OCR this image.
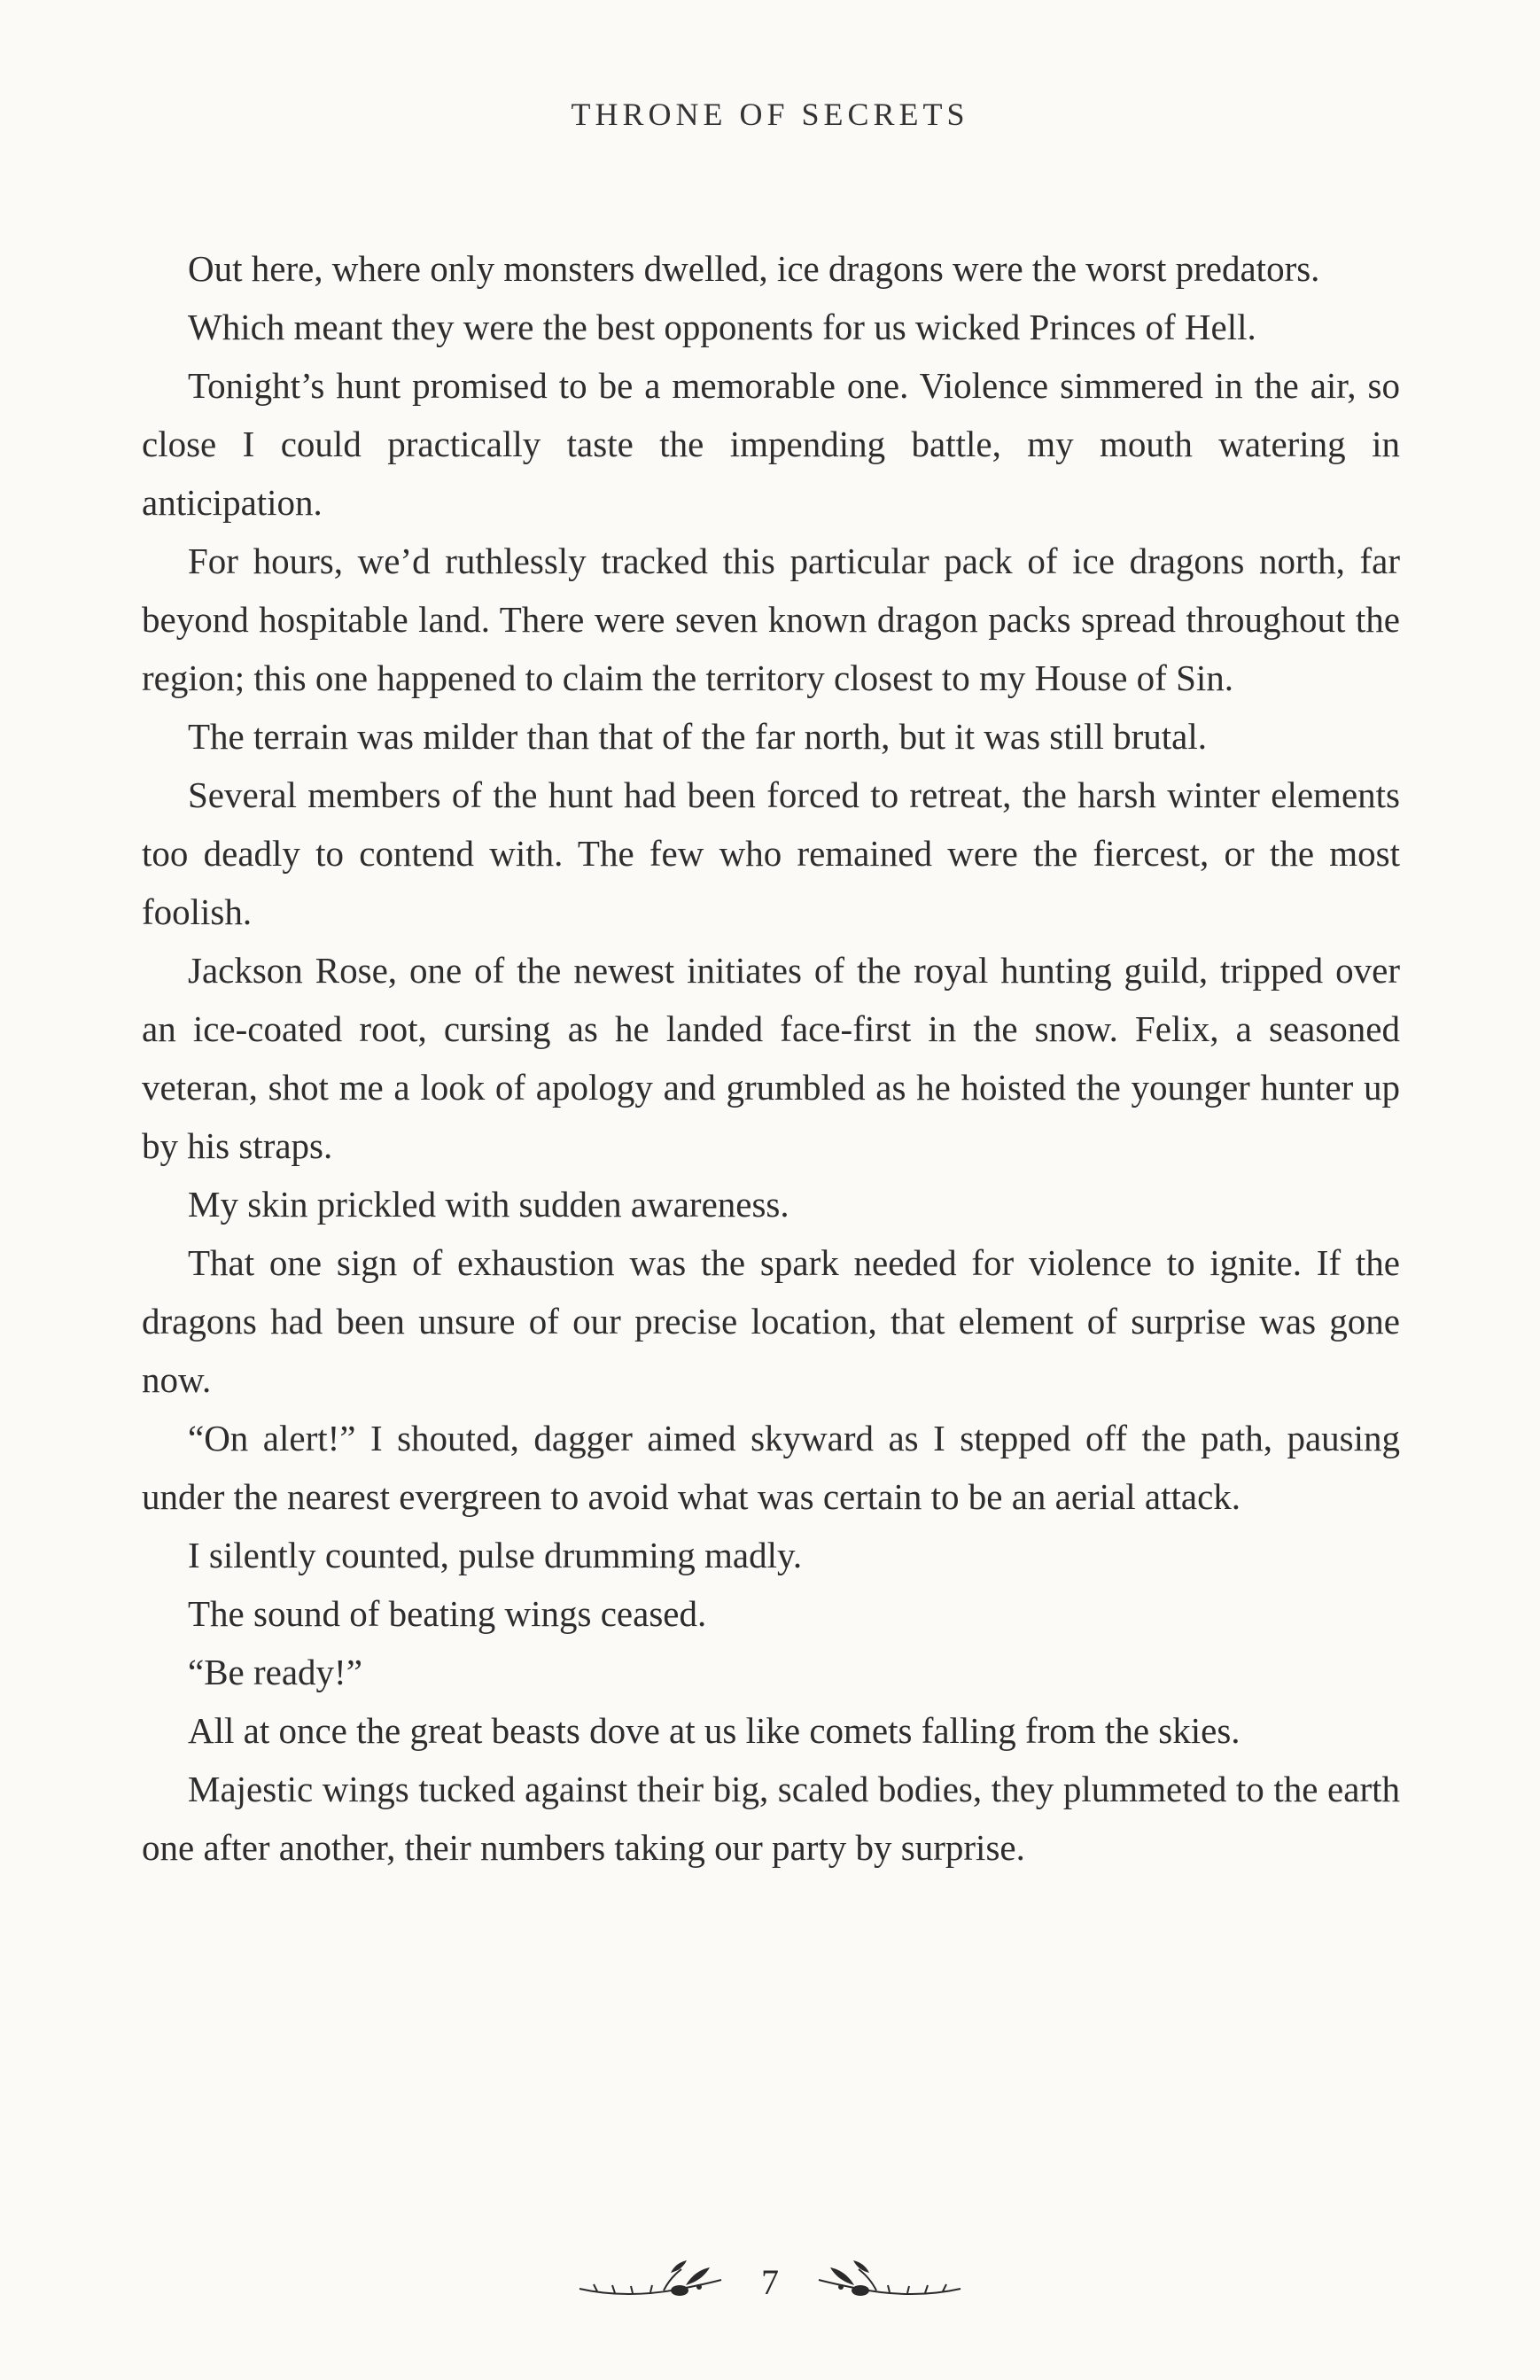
THRONE OF SECRETS

Out here, where only monsters dwelled, ice dragons were the worst predators.

Which meant they were the best opponents for us wicked Princes of Hell.

Tonight’s hunt promised to be a memorable one. Violence simmered in the air, so close I could practically taste the impending battle, my mouth watering in anticipation.

For hours, we’d ruthlessly tracked this particular pack of ice dragons north, far beyond hospitable land. There were seven known dragon packs spread throughout the region; this one happened to claim the territory closest to my House of Sin.

The terrain was milder than that of the far north, but it was still brutal.

Several members of the hunt had been forced to retreat, the harsh winter elements too deadly to contend with. The few who remained were the fiercest, or the most foolish.

Jackson Rose, one of the newest initiates of the royal hunting guild, tripped over an ice-coated root, cursing as he landed face-first in the snow. Felix, a seasoned veteran, shot me a look of apology and grumbled as he hoisted the younger hunter up by his straps.

My skin prickled with sudden awareness.

That one sign of exhaustion was the spark needed for violence to ignite. If the dragons had been unsure of our precise location, that element of surprise was gone now.

“On alert!” I shouted, dagger aimed skyward as I stepped off the path, pausing under the nearest evergreen to avoid what was certain to be an aerial attack.

I silently counted, pulse drumming madly.

The sound of beating wings ceased.

“Be ready!”

All at once the great beasts dove at us like comets falling from the skies.

Majestic wings tucked against their big, scaled bodies, they plummeted to the earth one after another, their numbers taking our party by surprise.

7
